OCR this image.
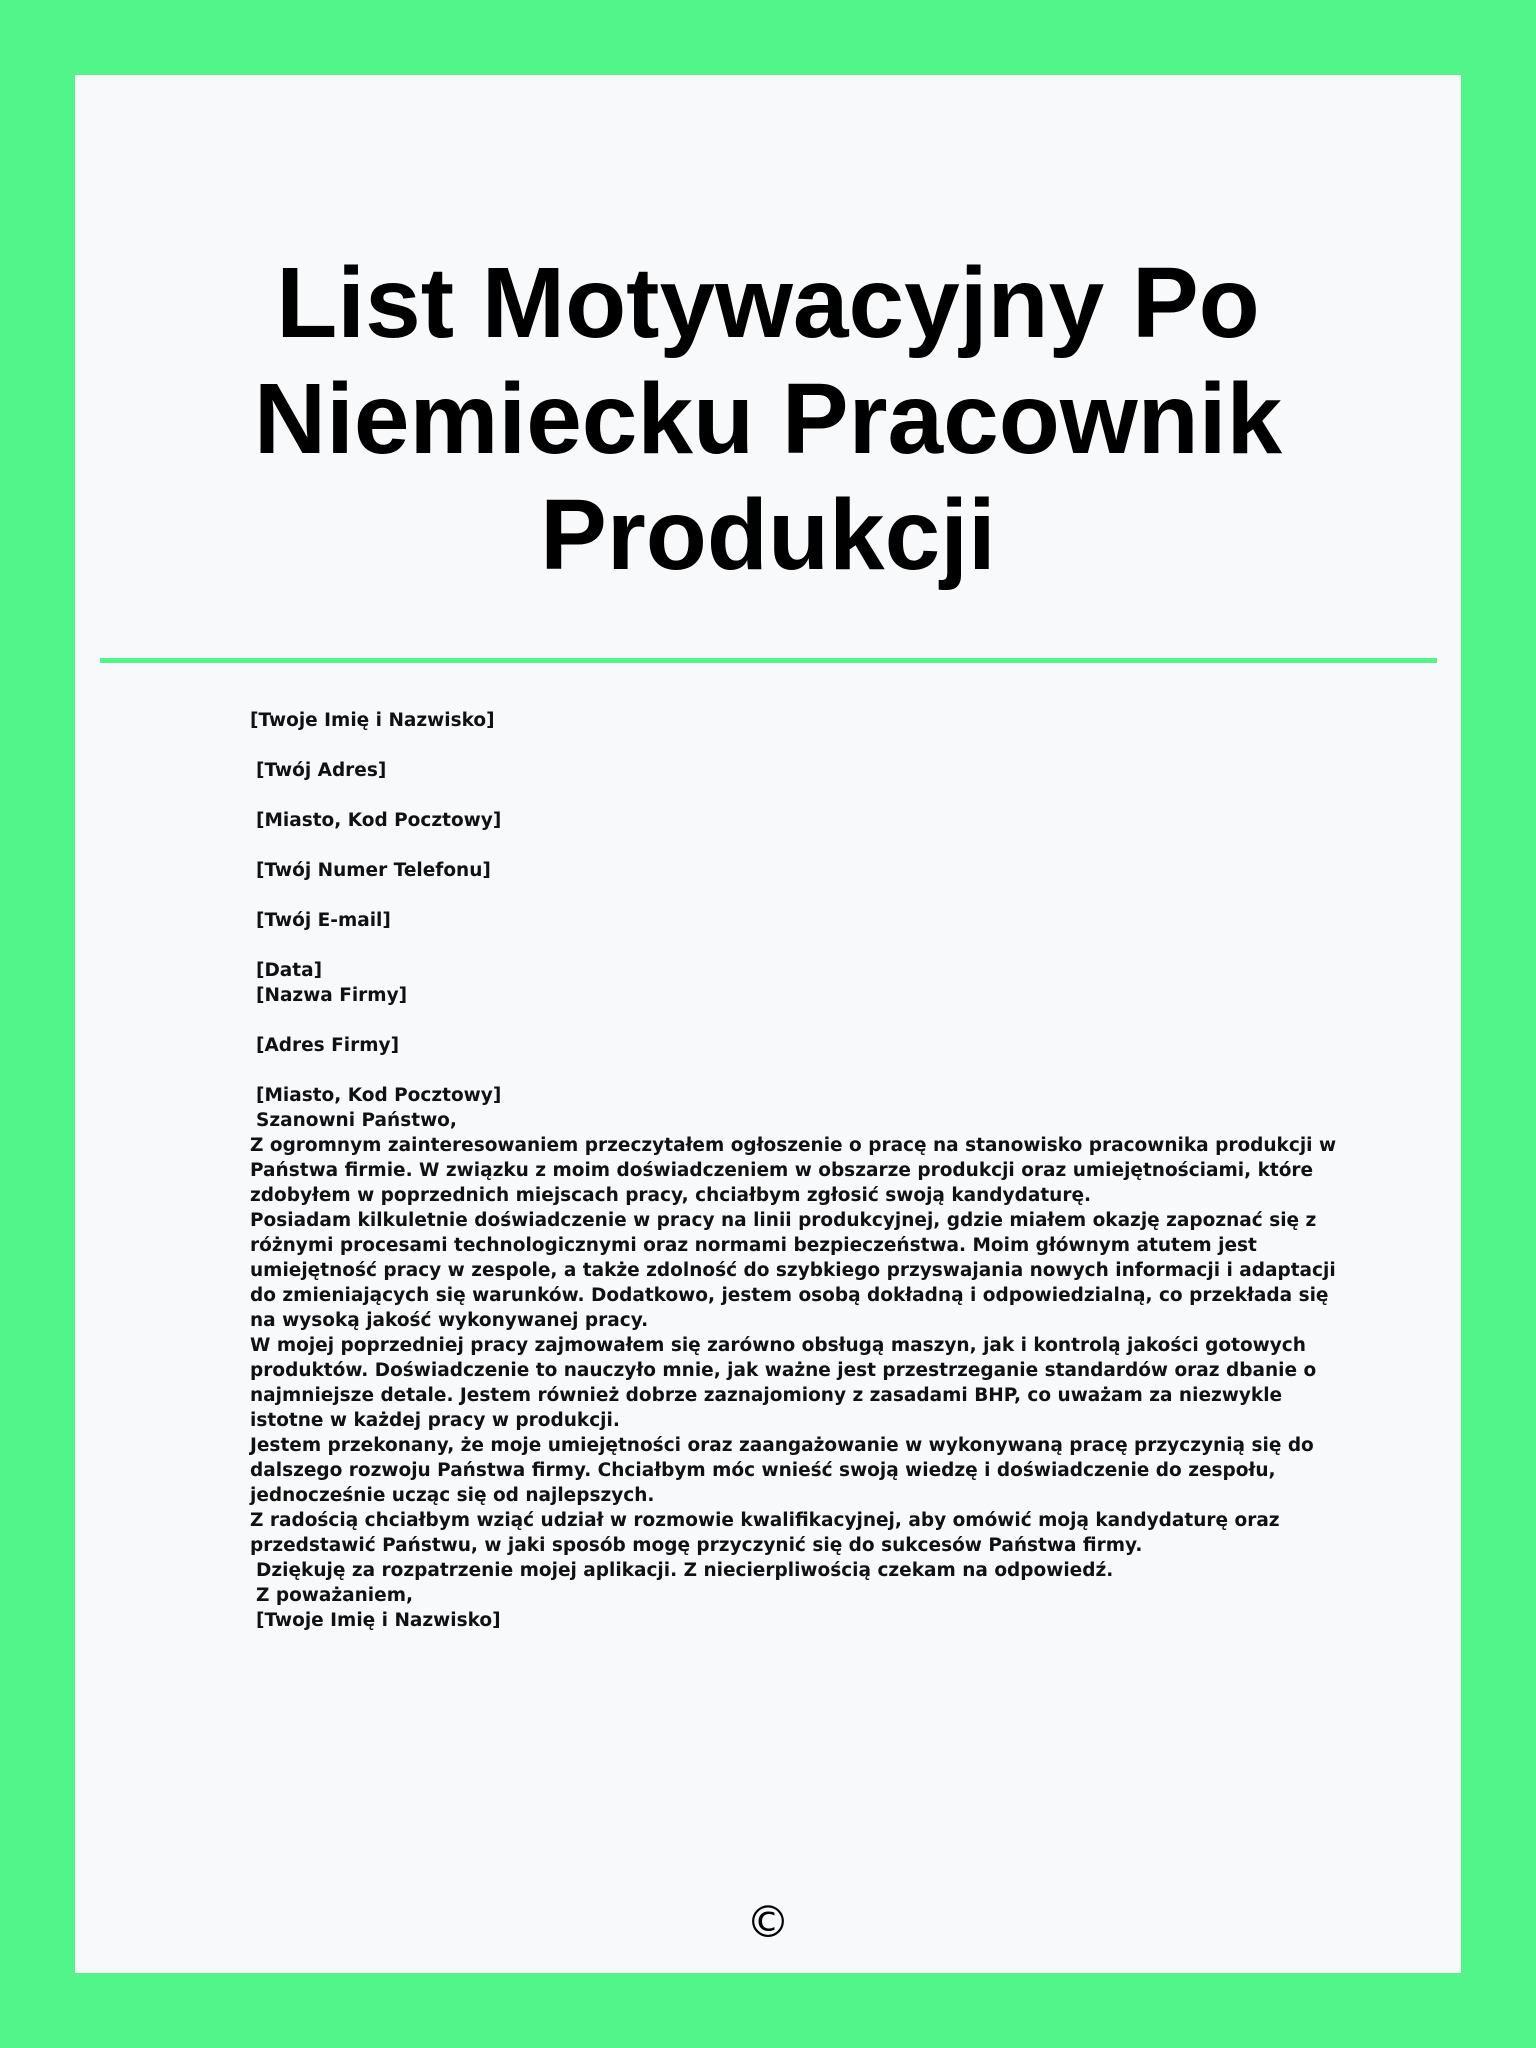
List Motywacyjny Po
Niemiecku Pracownik
Produkcji

[Twoje Imię i Nazwisko]

[Twój Adres]

[Miasto, Kod Pocztowy]

[Twój Numer Telefonu]

[Twój E-mail]

[Data]

[Nazwa Firmy]

[Adres Firmy]

[Miasto, Kod Pocztowy]

Szanowni Państwo,

Z ogromnym zainteresowaniem przeczytałem ogłoszenie o pracę na stanowisko pracownika produkcji w Państwa firmie. W związku z moim doświadczeniem w obszarze produkcji oraz umiejętnościami, które zdobyłem w poprzednich miejscach pracy, chciałbym zgłosić swoją kandydaturę.

Posiadam kilkuletnie doświadczenie w pracy na linii produkcyjnej, gdzie miałem okazję zapoznać się z różnymi procesami technologicznymi oraz normami bezpieczeństwa. Moim głównym atutem jest umiejętność pracy w zespole, a także zdolność do szybkiego przyswajania nowych informacji i adaptacji do zmieniających się warunków. Dodatkowo, jestem osobą dokładną i odpowiedzialną, co przekłada się na wysoką jakość wykonywanej pracy.

W mojej poprzedniej pracy zajmowałem się zarówno obsługą maszyn, jak i kontrolą jakości gotowych produktów. Doświadczenie to nauczyło mnie, jak ważne jest przestrzeganie standardów oraz dbanie o najmniejsze detale. Jestem również dobrze zaznajomiony z zasadami BHP, co uważam za niezwykle istotne w każdej pracy w produkcji.

Jestem przekonany, że moje umiejętności oraz zaangażowanie w wykonywaną pracę przyczynią się do dalszego rozwoju Państwa firmy. Chciałbym móc wnieść swoją wiedzę i doświadczenie do zespołu, jednocześnie ucząc się od najlepszych.

Z radością chciałbym wziąć udział w rozmowie kwalifikacyjnej, aby omówić moją kandydaturę oraz przedstawić Państwu, w jaki sposób mogę przyczynić się do sukcesów Państwa firmy.

Dziękuję za rozpatrzenie mojej aplikacji. Z niecierpliwością czekam na odpowiedź.

Z poważaniem,

[Twoje Imię i Nazwisko]

©
